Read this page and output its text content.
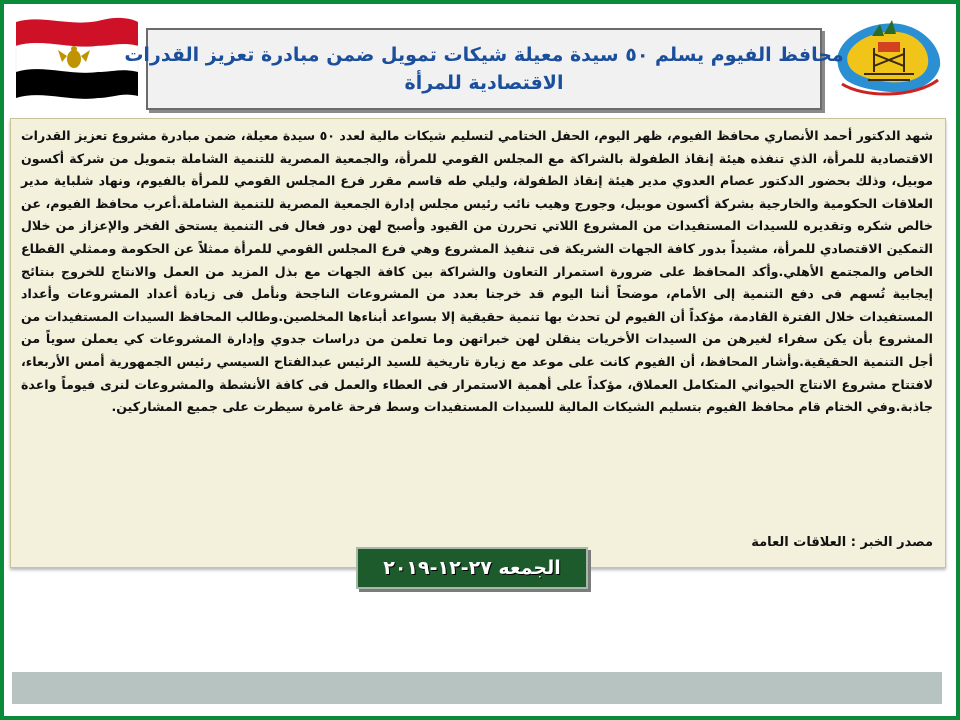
محافظ الفيوم يسلم ٥٠ سيدة معيلة شيكات تمويل ضمن مبادرة تعزيز القدرات
الاقتصادية للمرأة
شهد الدكتور أحمد الأنصاري محافظ الفيوم، ظهر اليوم، الحفل الختامي لتسليم شيكات مالية لعدد ٥٠ سيدة معيلة، ضمن مبادرة مشروع تعزيز القدرات الاقتصادية للمرأة، الذي تنفذه هيئة إنقاذ الطفولة بالشراكة مع المجلس القومي للمرأة، والجمعية المصرية للتنمية الشاملة بتمويل من شركة أكسون موبيل، وذلك بحضور الدكتور عصام العدوي مدير هيئة إنقاذ الطفولة، وليلي طه قاسم مقرر فرع المجلس القومي للمرأة بالفيوم، ونهاد شلباية مدير العلاقات الحكومية والخارجية بشركة أكسون موبيل، وجورج وهيب نائب رئيس مجلس إدارة الجمعية المصرية للتنمية الشاملة.أعرب محافظ الفيوم، عن خالص شكره وتقديره للسيدات المستفيدات من المشروع اللاتي تحررن من القيود وأصبح لهن دور فعال فى التنمية يستحق الفخر والإعزاز من خلال التمكين الاقتصادي للمرأة، مشيداً بدور كافة الجهات الشريكة فى تنفيذ المشروع وهي فرع المجلس القومي للمرأة ممثلاً عن الحكومة وممثلي القطاع الخاص والمجتمع الأهلي.وأكد المحافظ على ضرورة استمرار التعاون والشراكة بين كافة الجهات مع بذل المزيد من العمل والانتاج للخروج بنتائج إيجابية تُسهم فى دفع التنمية إلى الأمام، موضحاً أننا اليوم قد خرجنا بعدد من المشروعات الناجحة ونأمل فى زيادة أعداد المشروعات وأعداد المستفيدات خلال الفترة القادمة، مؤكداً أن الفيوم لن تحدث بها تنمية حقيقية إلا بسواعد أبناءها المخلصين.وطالب المحافظ السيدات المستفيدات من المشروع بأن يكن سفراء لغيرهن من السيدات الأخريات ينقلن لهن خبراتهن وما تعلمن من دراسات جدوي وإدارة المشروعات كي يعملن سوياً من أجل التنمية الحقيقية.وأشار المحافظ، أن الفيوم كانت على موعد مع زيارة تاريخية للسيد الرئيس عبدالفتاح السيسي رئيس الجمهورية أمس الأربعاء، لافتتاح مشروع الانتاج الحيواني المتكامل العملاق، مؤكداً على أهمية الاستمرار فى العطاء والعمل فى كافة الأنشطة والمشروعات لنرى فيوماً واعدة جاذبة.وفي الختام قام محافظ الفيوم بتسليم الشيكات المالية للسيدات المستفيدات وسط فرحة غامرة سيطرت على جميع المشاركين.
مصدر الخبر : العلاقات العامة
الجمعه ٢٧-١٢-٢٠١٩
